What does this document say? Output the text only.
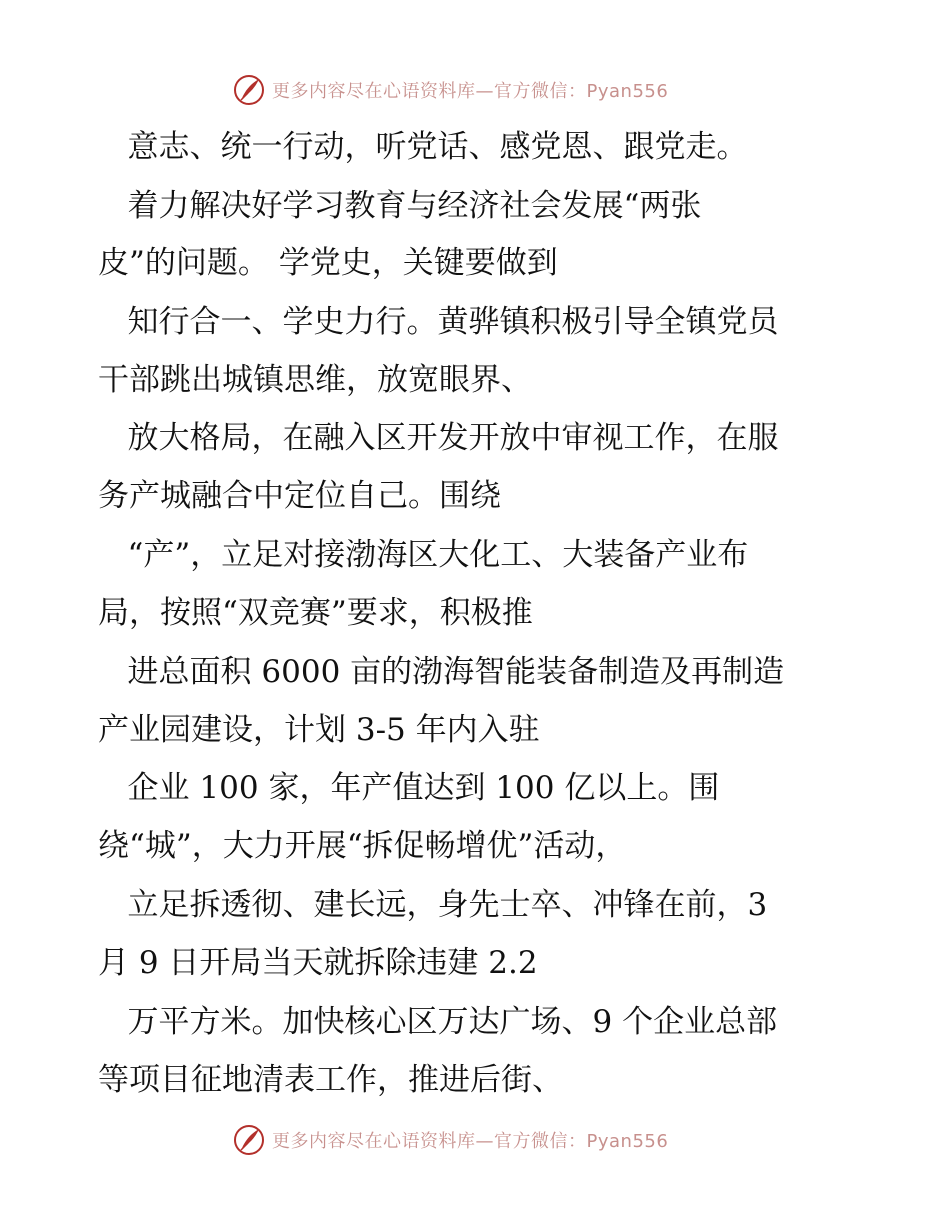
更多内容尽在心语资料库—官方微信：Pyan556
意志、统一行动，听党话、感党恩、跟党走。
着力解决好学习教育与经济社会发展“两张
皮”的问题。 学党史，关键要做到
知行合一、学史力行。黄骅镇积极引导全镇党员
干部跳出城镇思维，放宽眼界、
放大格局，在融入区开发开放中审视工作，在服
务产城融合中定位自己。围绕
“产”，立足对接渤海区大化工、大装备产业布
局，按照“双竞赛”要求，积极推
进总面积 6000 亩的渤海智能装备制造及再制造
产业园建设，计划 3-5 年内入驻
企业 100 家，年产值达到 100 亿以上。围
绕“城”，大力开展“拆促畅增优”活动，
立足拆透彻、建长远，身先士卒、冲锋在前，3
月 9 日开局当天就拆除违建 2.2
万平方米。加快核心区万达广场、9 个企业总部
等项目征地清表工作，推进后街、
更多内容尽在心语资料库—官方微信：Pyan556
